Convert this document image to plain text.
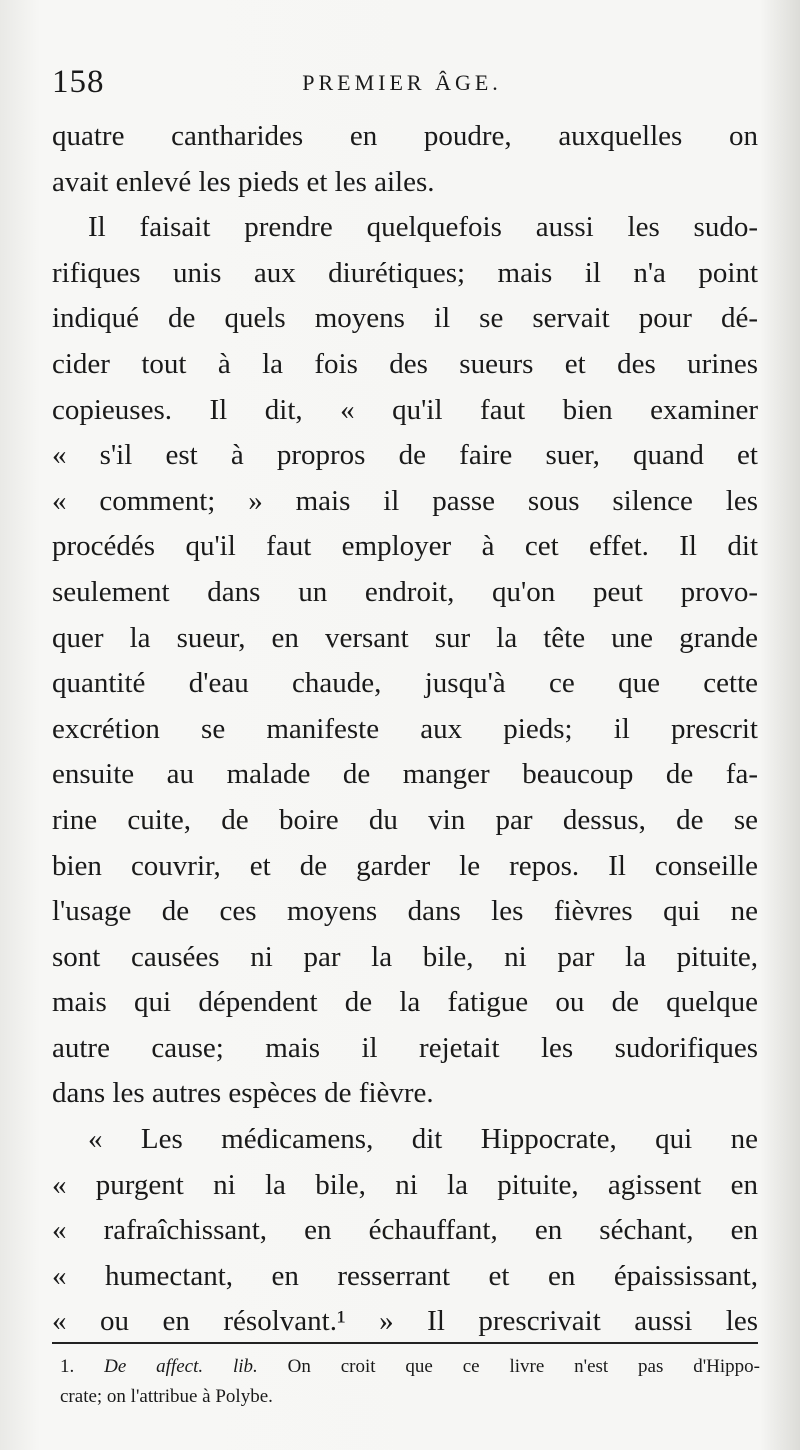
158	PREMIER ÂGE.
quatre cantharides en poudre, auxquelles on
avait enlevé les pieds et les ailes.
Il faisait prendre quelquefois aussi les sudo-
rifiques unis aux diurétiques; mais il n'a point
indiqué de quels moyens il se servait pour dé-
cider tout à la fois des sueurs et des urines
copieuses. Il dit, « qu'il faut bien examiner
« s'il est à propros de faire suer, quand et
« comment; » mais il passe sous silence les
procédés qu'il faut employer à cet effet. Il dit
seulement dans un endroit, qu'on peut provo-
quer la sueur, en versant sur la tête une grande
quantité d'eau chaude, jusqu'à ce que cette
excrétion se manifeste aux pieds; il prescrit
ensuite au malade de manger beaucoup de fa-
rine cuite, de boire du vin par dessus, de se
bien couvrir, et de garder le repos. Il conseille
l'usage de ces moyens dans les fièvres qui ne
sont causées ni par la bile, ni par la pituite,
mais qui dépendent de la fatigue ou de quelque
autre cause; mais il rejetait les sudorifiques
dans les autres espèces de fièvre.
« Les médicamens, dit Hippocrate, qui ne
« purgent ni la bile, ni la pituite, agissent en
« rafraîchissant, en échauffant, en séchant, en
« humectant, en resserrant et en épaississant,
« ou en résolvant.¹ » Il prescrivait aussi les
1. De affect. lib. On croit que ce livre n'est pas d'Hippo-
crate; on l'attribue à Polybe.
